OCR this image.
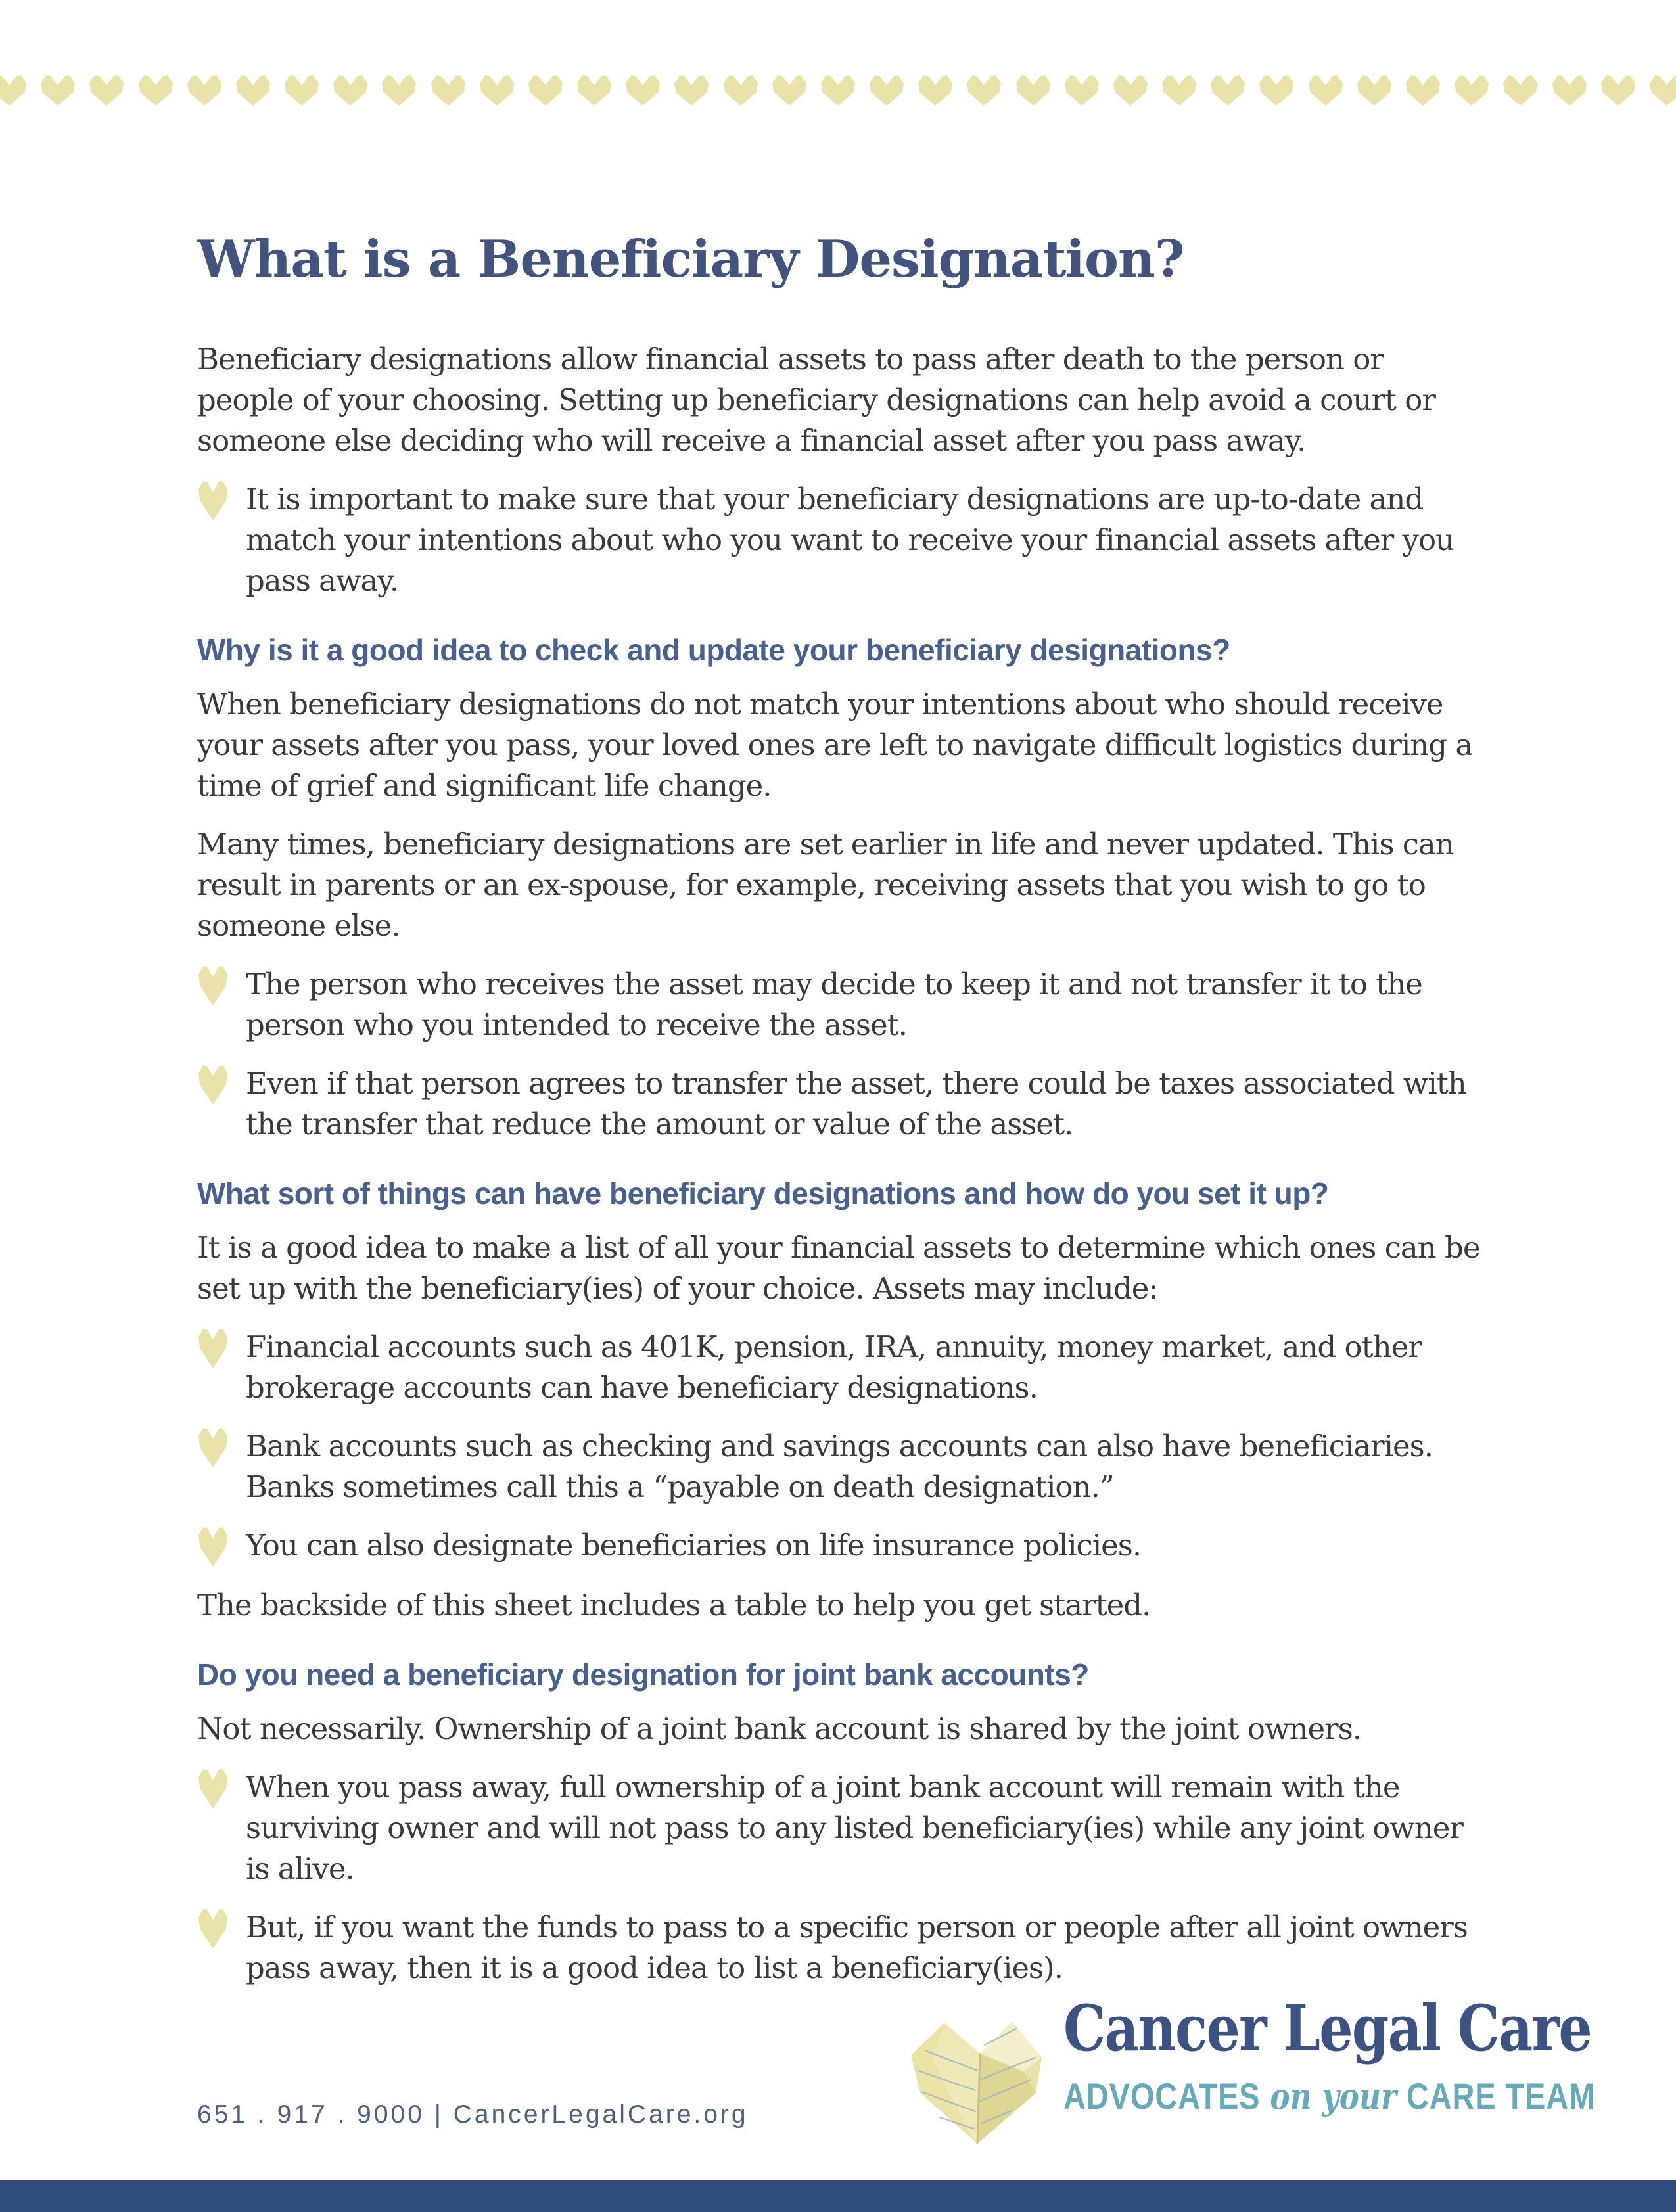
What is a Beneficiary Designation?

Beneficiary designations allow financial assets to pass after death to the person or people of your choosing. Setting up beneficiary designations can help avoid a court or someone else deciding who will receive a financial asset after you pass away.

It is important to make sure that your beneficiary designations are up-to-date and match your intentions about who you want to receive your financial assets after you pass away.
Why is it a good idea to check and update your beneficiary designations?

When beneficiary designations do not match your intentions about who should receive your assets after you pass, your loved ones are left to navigate difficult logistics during a time of grief and significant life change.

Many times, beneficiary designations are set earlier in life and never updated. This can result in parents or an ex-spouse, for example, receiving assets that you wish to go to someone else.

The person who receives the asset may decide to keep it and not transfer it to the person who you intended to receive the asset.
Even if that person agrees to transfer the asset, there could be taxes associated with the transfer that reduce the amount or value of the asset.
What sort of things can have beneficiary designations and how do you set it up?

It is a good idea to make a list of all your financial assets to determine which ones can be set up with the beneficiary(ies) of your choice. Assets may include:

Financial accounts such as 401K, pension, IRA, annuity, money market, and other brokerage accounts can have beneficiary designations.
Bank accounts such as checking and savings accounts can also have beneficiaries. Banks sometimes call this a “payable on death designation.”
You can also designate beneficiaries on life insurance policies.

The backside of this sheet includes a table to help you get started.

Do you need a beneficiary designation for joint bank accounts?

Not necessarily. Ownership of a joint bank account is shared by the joint owners.

When you pass away, full ownership of a joint bank account will remain with the surviving owner and will not pass to any listed beneficiary(ies) while any joint owner is alive.
But, if you want the funds to pass to a specific person or people after all joint owners pass away, then it is a good idea to list a beneficiary(ies).
651 . 917 . 9000 | CancerLegalCare.org
Cancer Legal Care
ADVOCATES on your CARE TEAM
